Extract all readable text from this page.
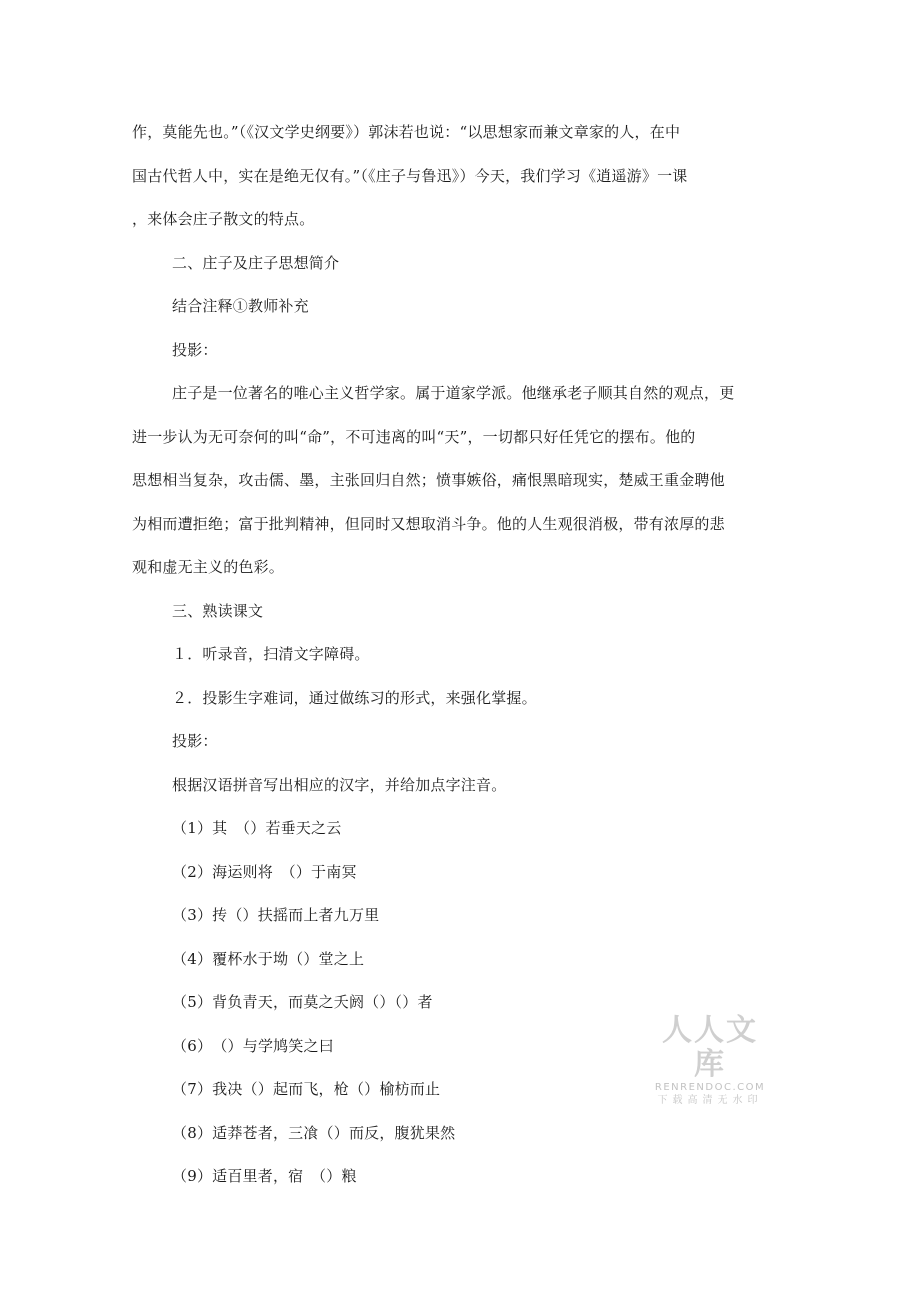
作，莫能先也。”（《汉文学史纲要》）郭沫若也说：“以思想家而兼文章家的人，在中
国古代哲人中，实在是绝无仅有。”（《庄子与鲁迅》）今天，我们学习《逍遥游》一课
，来体会庄子散文的特点。
二、庄子及庄子思想简介
结合注释①教师补充
投影：
庄子是一位著名的唯心主义哲学家。属于道家学派。他继承老子顺其自然的观点，更
进一步认为无可奈何的叫“命”，不可违离的叫“天”，一切都只好任凭它的摆布。他的
思想相当复杂，攻击儒、墨，主张回归自然；愤事嫉俗，痛恨黑暗现实，楚威王重金聘他
为相而遭拒绝；富于批判精神，但同时又想取消斗争。他的人生观很消极，带有浓厚的悲
观和虚无主义的色彩。
三、熟读课文
１．听录音，扫清文字障碍。
２．投影生字难词，通过做练习的形式，来强化掌握。
投影：
根据汉语拼音写出相应的汉字，并给加点字注音。
（1）其　（）若垂天之云
（2）海运则将　（）于南冥
（3）抟（）扶摇而上者九万里
（4）覆杯水于坳（）堂之上
（5）背负青天，而莫之夭阏（）（）者
（6）　（）与学鸠笑之曰
（7）我决（）起而飞，枪（）榆枋而止
（8）适莽苍者，三飡（）而反，腹犹果然
（9）适百里者，宿　（）粮
人人文库
RENRENDOC.COM
下载高清无水印
